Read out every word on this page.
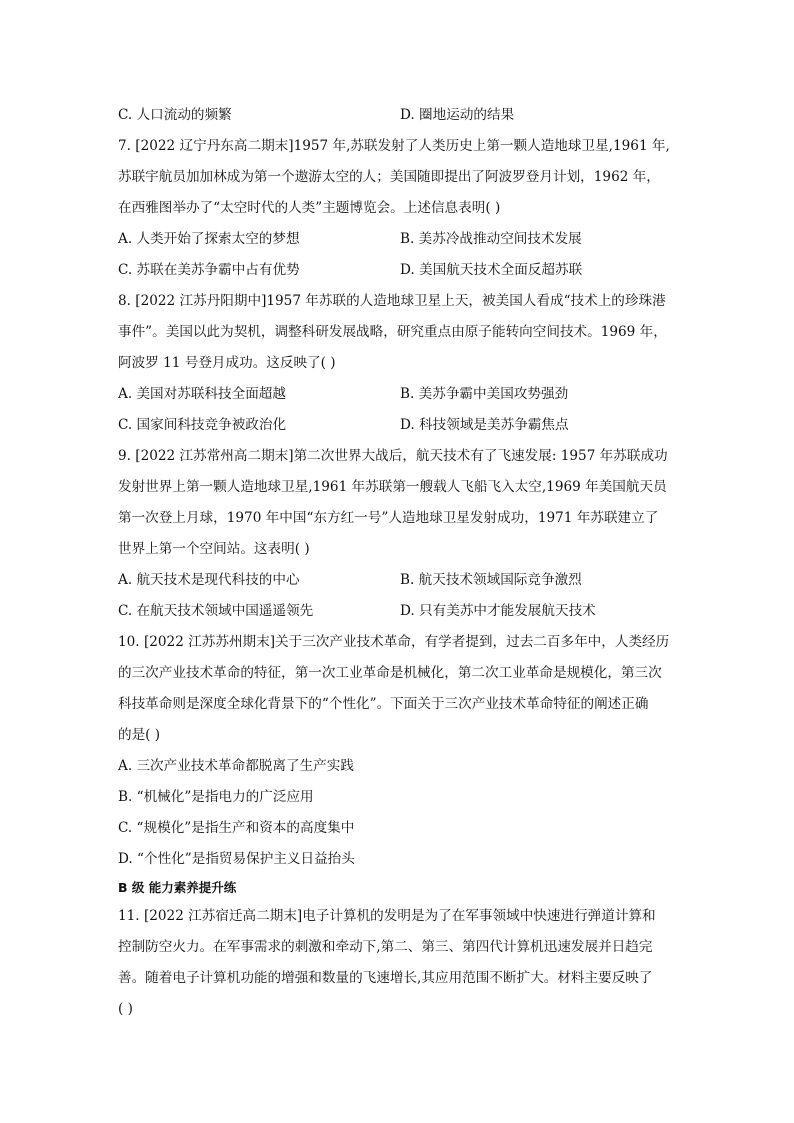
C. 人口流动的频繁	D. 圈地运动的结果
7. [2022 辽宁丹东高二期末]1957 年,苏联发射了人类历史上第一颗人造地球卫星,1961 年,
苏联宇航员加加林成为第一个遨游太空的人；美国随即提出了阿波罗登月计划，1962 年，
在西雅图举办了“太空时代的人类”主题博览会。上述信息表明( )
A. 人类开始了探索太空的梦想	B. 美苏冷战推动空间技术发展
C. 苏联在美苏争霸中占有优势	D. 美国航天技术全面反超苏联
8. [2022 江苏丹阳期中]1957 年苏联的人造地球卫星上天，被美国人看成“技术上的珍珠港
事件”。美国以此为契机，调整科研发展战略，研究重点由原子能转向空间技术。1969 年，
阿波罗 11 号登月成功。这反映了( )
A. 美国对苏联科技全面超越	B. 美苏争霸中美国攻势强劲
C. 国家间科技竞争被政治化	D. 科技领域是美苏争霸焦点
9. [2022 江苏常州高二期末]第二次世界大战后，航天技术有了飞速发展: 1957 年苏联成功
发射世界上第一颗人造地球卫星,1961 年苏联第一艘载人飞船飞入太空,1969 年美国航天员
第一次登上月球，1970 年中国“东方红一号”人造地球卫星发射成功，1971 年苏联建立了
世界上第一个空间站。这表明( )
A. 航天技术是现代科技的中心	B. 航天技术领域国际竞争激烈
C. 在航天技术领域中国遥遥领先	D. 只有美苏中才能发展航天技术
10. [2022 江苏苏州期末]关于三次产业技术革命，有学者提到，过去二百多年中，人类经历
的三次产业技术革命的特征，第一次工业革命是机械化，第二次工业革命是规模化，第三次
科技革命则是深度全球化背景下的“个性化”。下面关于三次产业技术革命特征的阐述正确
的是( )
A. 三次产业技术革命都脱离了生产实践
B. “机械化”是指电力的广泛应用
C. “规模化”是指生产和资本的高度集中
D. “个性化”是指贸易保护主义日益抬头
B 级 能力素养提升练
11. [2022 江苏宿迁高二期末]电子计算机的发明是为了在军事领域中快速进行弹道计算和
控制防空火力。在军事需求的刺激和牵动下,第二、第三、第四代计算机迅速发展并日趋完
善。随着电子计算机功能的增强和数量的飞速增长,其应用范围不断扩大。材料主要反映了
( )
